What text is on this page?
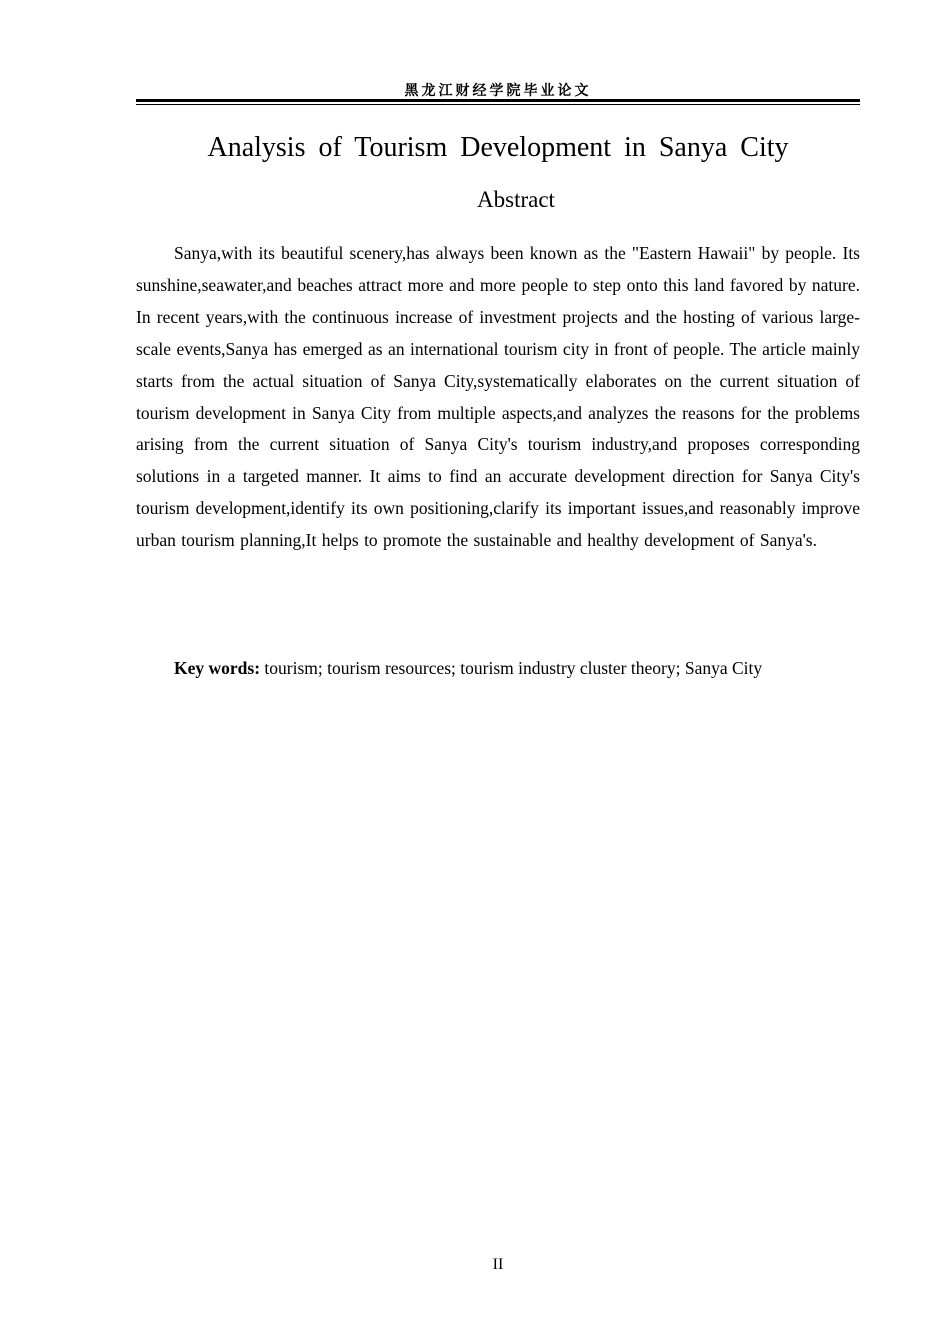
黑龙江财经学院毕业论文
Analysis of Tourism Development in Sanya City
Abstract

Sanya,with its beautiful scenery,has always been known as the "Eastern Hawaii" by people. Its sunshine,seawater,and beaches attract more and more people to step onto this land favored by nature. In recent years,with the continuous increase of investment projects and the hosting of various large-scale events,Sanya has emerged as an international tourism city in front of people. The article mainly starts from the actual situation of Sanya City,systematically elaborates on the current situation of tourism development in Sanya City from multiple aspects,and analyzes the reasons for the problems arising from the current situation of Sanya City's tourism industry,and proposes corresponding solutions in a targeted manner. It aims to find an accurate development direction for Sanya City's tourism development,identify its own positioning,clarify its important issues,and reasonably improve urban tourism planning,It helps to promote the sustainable and healthy development of Sanya's.

Key words: tourism; tourism resources; tourism industry cluster theory; Sanya City

II
